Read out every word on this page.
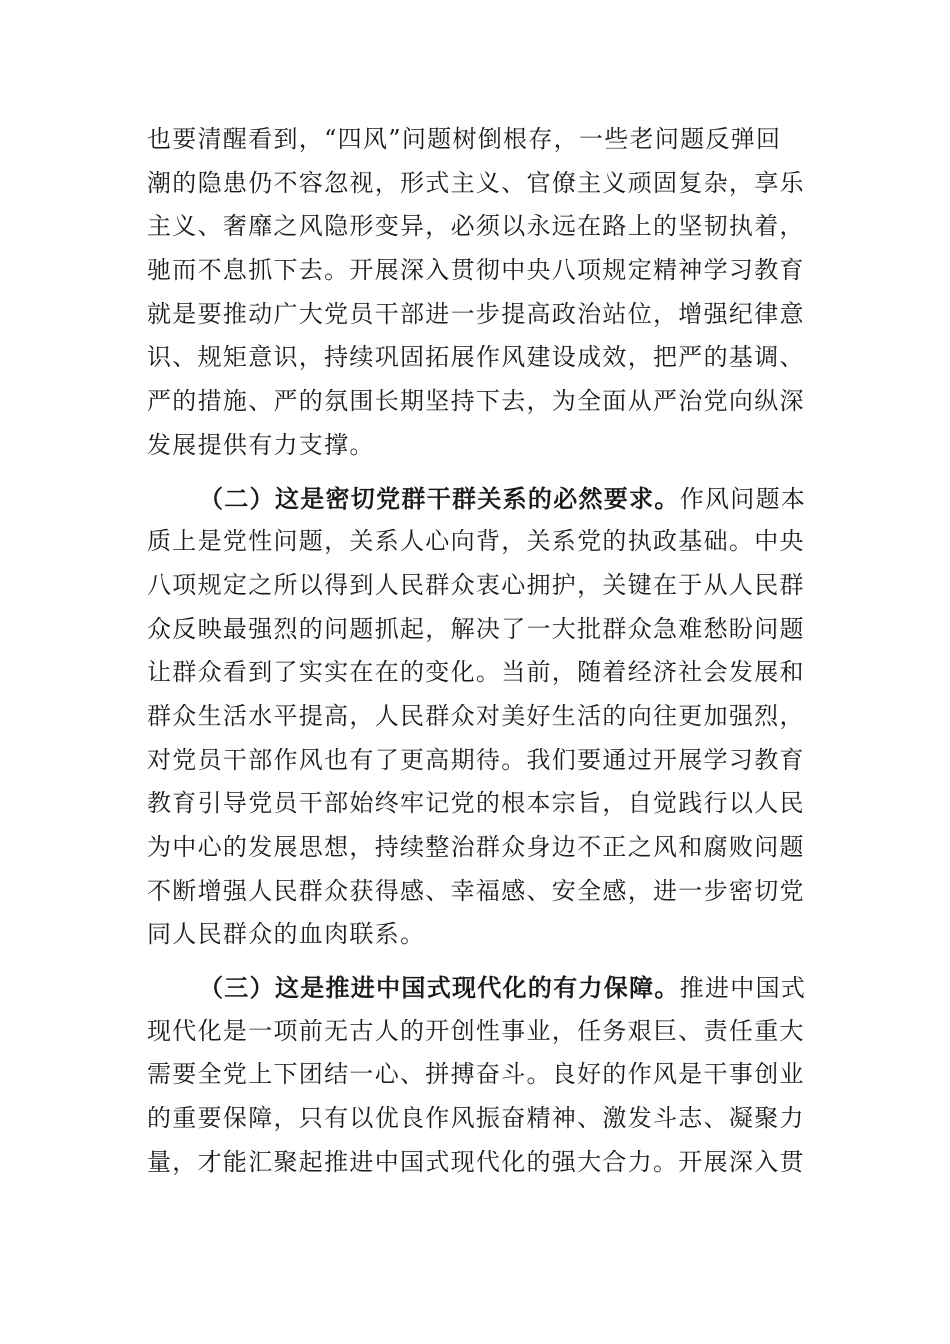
也要清醒看到，“四风”问题树倒根存，一些老问题反弹回
潮的隐患仍不容忽视，形式主义、官僚主义顽固复杂，享乐
主义、奢靡之风隐形变异，必须以永远在路上的坚韧执着，
驰而不息抓下去。开展深入贯彻中央八项规定精神学习教育
就是要推动广大党员干部进一步提高政治站位，增强纪律意
识、规矩意识，持续巩固拓展作风建设成效，把严的基调、
严的措施、严的氛围长期坚持下去，为全面从严治党向纵深
发展提供有力支撑。
（二）这是密切党群干群关系的必然要求。作风问题本
质上是党性问题，关系人心向背，关系党的执政基础。中央
八项规定之所以得到人民群众衷心拥护，关键在于从人民群
众反映最强烈的问题抓起，解决了一大批群众急难愁盼问题
让群众看到了实实在在的变化。当前，随着经济社会发展和
群众生活水平提高，人民群众对美好生活的向往更加强烈，
对党员干部作风也有了更高期待。我们要通过开展学习教育
教育引导党员干部始终牢记党的根本宗旨，自觉践行以人民
为中心的发展思想，持续整治群众身边不正之风和腐败问题
不断增强人民群众获得感、幸福感、安全感，进一步密切党
同人民群众的血肉联系。
（三）这是推进中国式现代化的有力保障。推进中国式
现代化是一项前无古人的开创性事业，任务艰巨、责任重大
需要全党上下团结一心、拼搏奋斗。良好的作风是干事创业
的重要保障，只有以优良作风振奋精神、激发斗志、凝聚力
量，才能汇聚起推进中国式现代化的强大合力。开展深入贯
